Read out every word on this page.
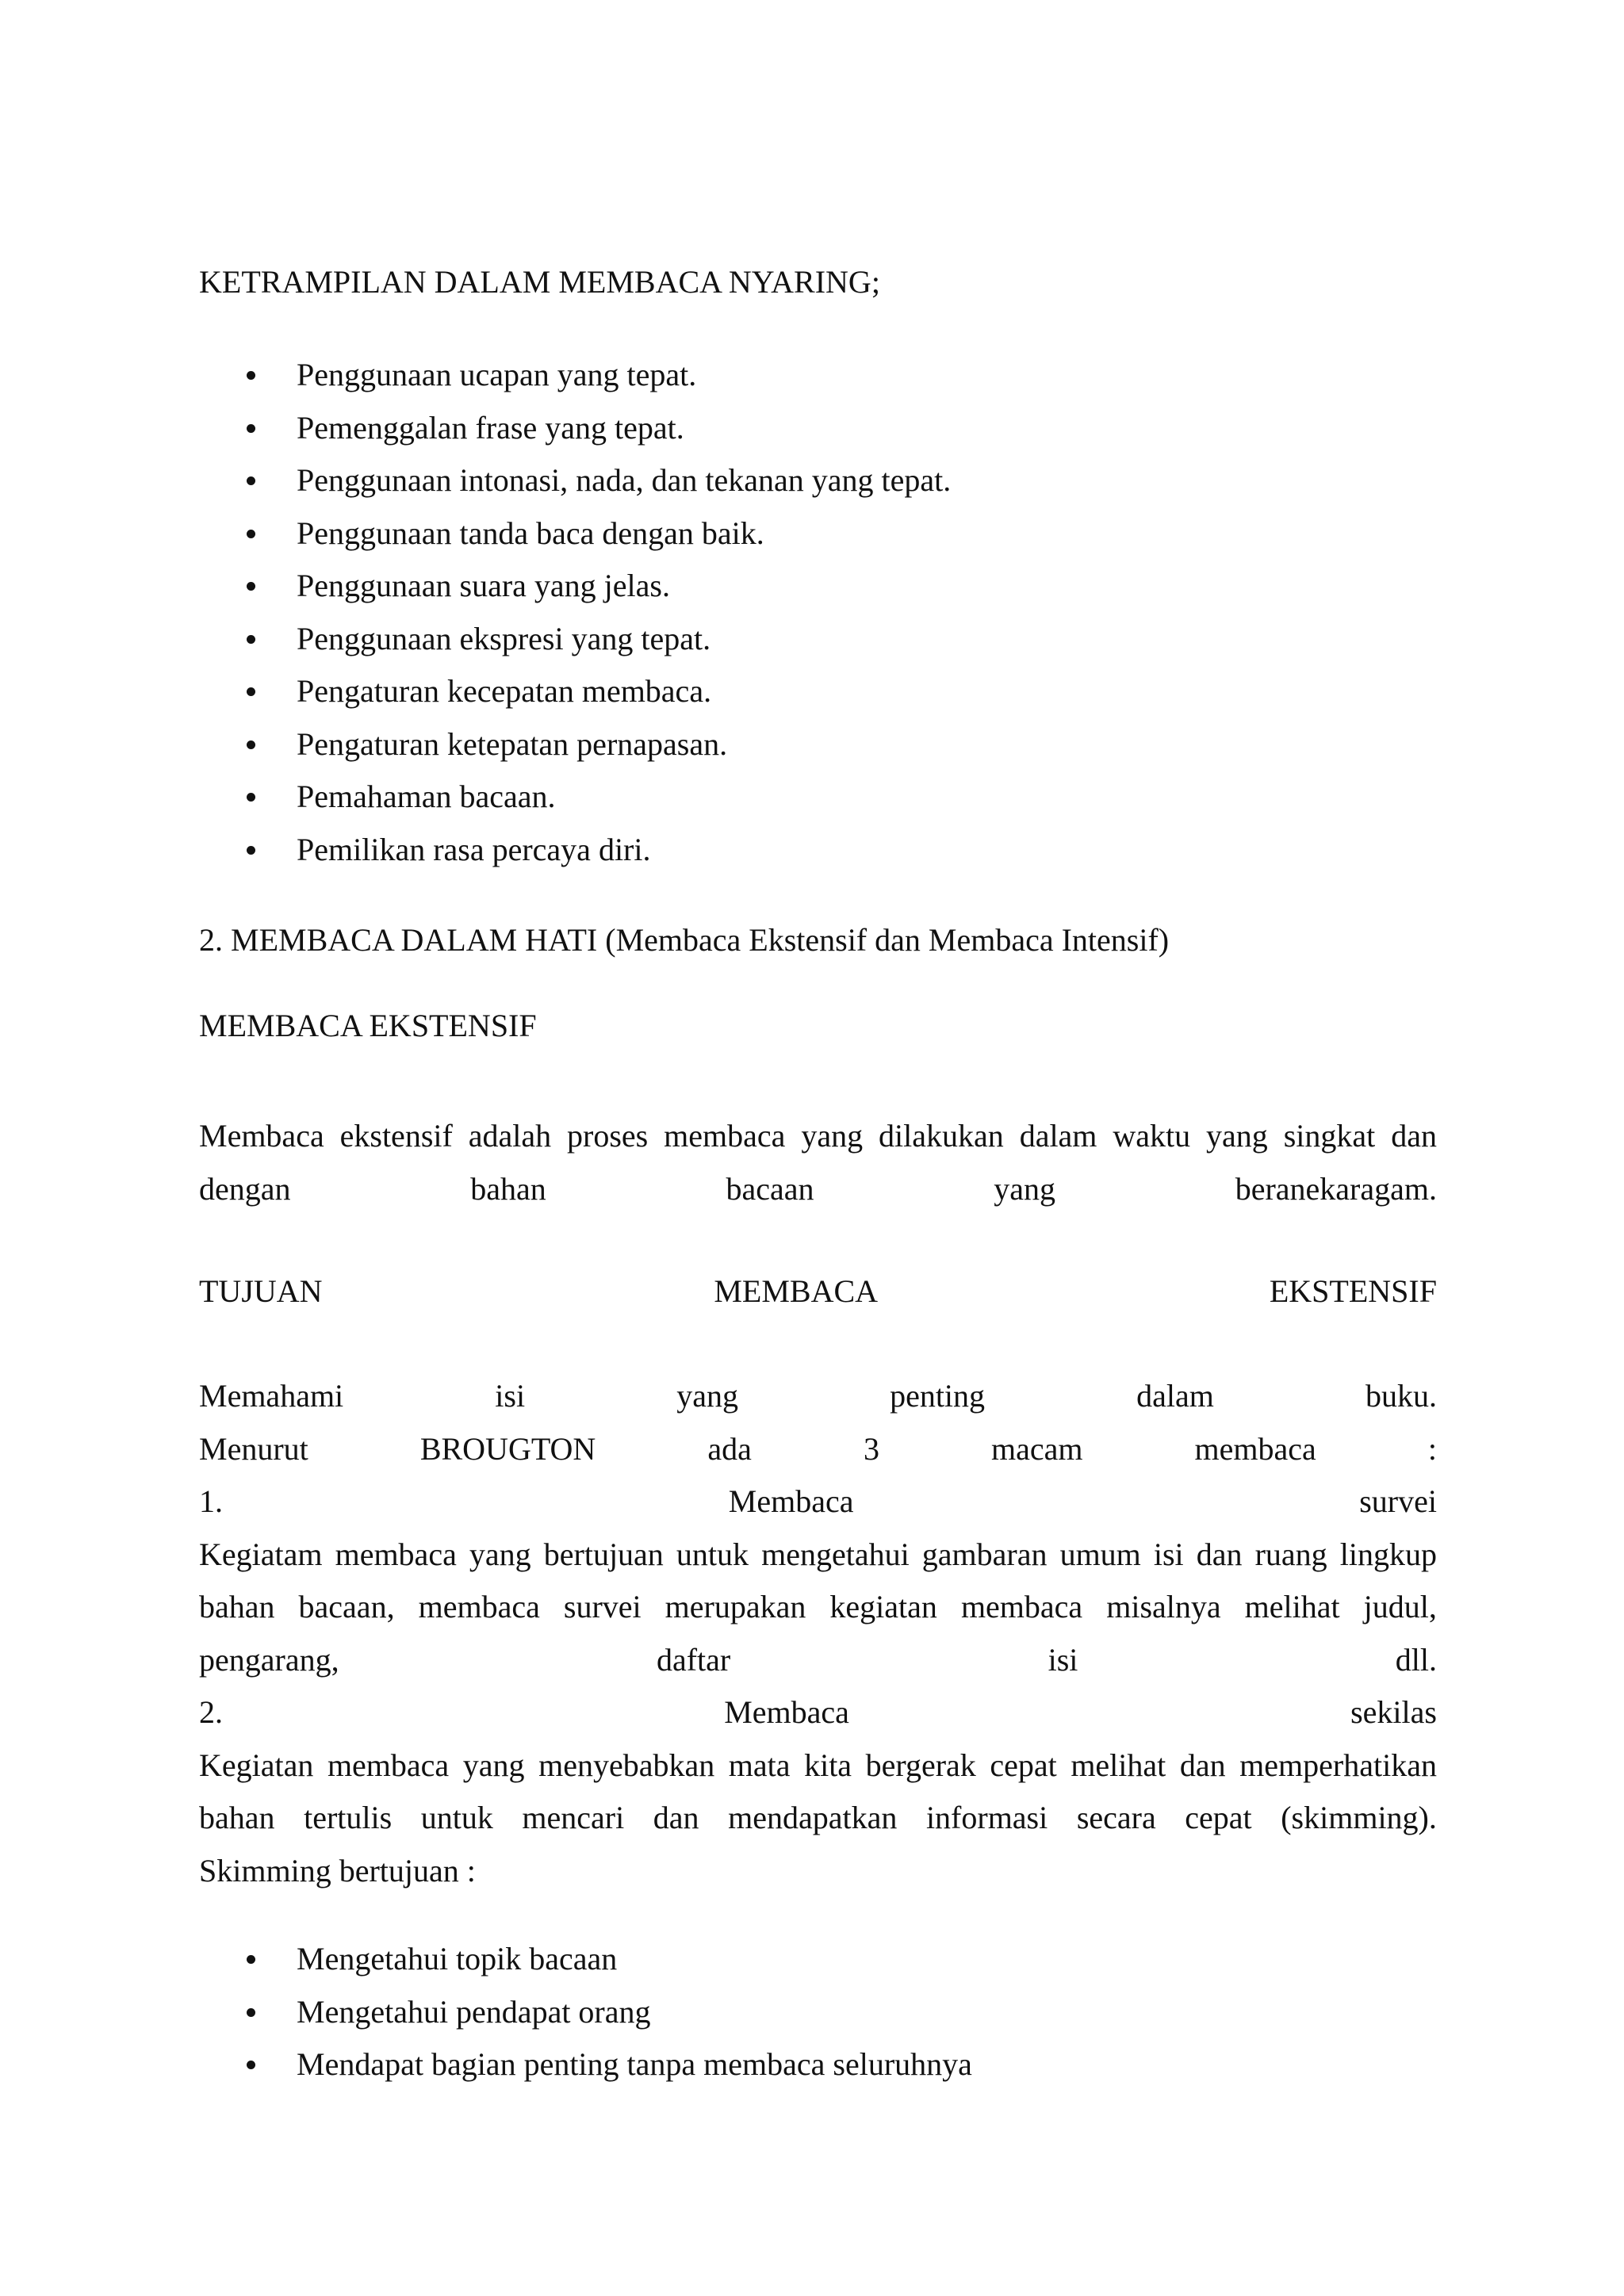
KETRAMPILAN DALAM MEMBACA NYARING;
Penggunaan ucapan yang tepat.
Pemenggalan frase yang tepat.
Penggunaan intonasi, nada, dan tekanan yang tepat.
Penggunaan tanda baca dengan baik.
Penggunaan suara yang jelas.
Penggunaan ekspresi yang tepat.
Pengaturan kecepatan membaca.
Pengaturan ketepatan pernapasan.
Pemahaman bacaan.
Pemilikan rasa percaya diri.
2. MEMBACA DALAM HATI (Membaca Ekstensif dan Membaca Intensif)
MEMBACA EKSTENSIF
Membaca ekstensif adalah proses membaca yang dilakukan dalam waktu yang singkat dan
dengan	bahan	bacaan	yang	beranekaragam.
TUJUAN	MEMBACA	EKSTENSIF
Memahami	isi	yang	penting	dalam	buku.
Menurut	BROUGTON	ada	3	macam	membaca	:
1.	Membaca	survei
Kegiatam membaca yang bertujuan untuk mengetahui gambaran umum isi dan ruang lingkup
bahan bacaan, membaca survei merupakan kegiatan membaca misalnya melihat judul,
pengarang,	daftar	isi	dll.
2.	Membaca	sekilas
Kegiatan membaca yang menyebabkan mata kita bergerak cepat melihat dan memperhatikan
bahan tertulis untuk mencari dan mendapatkan informasi secara cepat (skimming).
Skimming bertujuan :
Mengetahui topik bacaan
Mengetahui pendapat orang
Mendapat bagian penting tanpa membaca seluruhnya
